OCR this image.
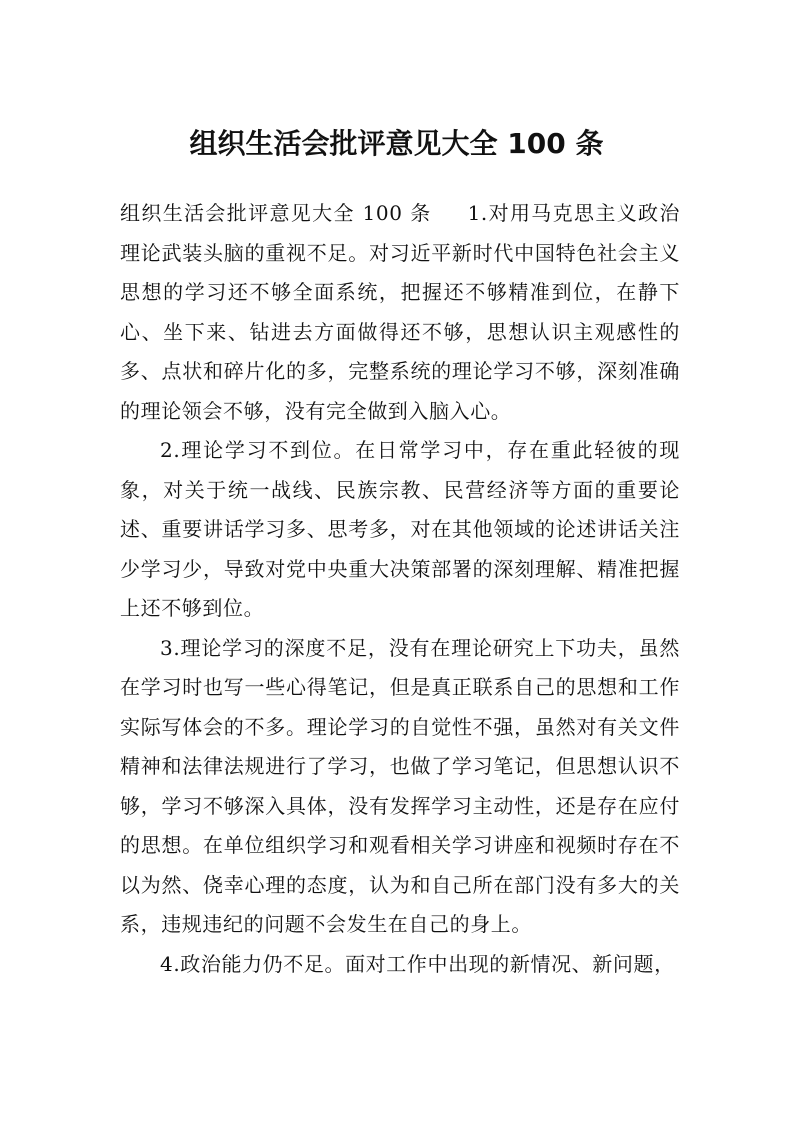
组织生活会批评意见大全 100 条

组织生活会批评意见大全 100 条 1.对用马克思主义政治理论武装头脑的重视不足。对习近平新时代中国特色社会主义思想的学习还不够全面系统，把握还不够精准到位，在静下心、坐下来、钻进去方面做得还不够，思想认识主观感性的多、点状和碎片化的多，完整系统的理论学习不够，深刻准确的理论领会不够，没有完全做到入脑入心。

2.理论学习不到位。在日常学习中，存在重此轻彼的现象，对关于统一战线、民族宗教、民营经济等方面的重要论述、重要讲话学习多、思考多，对在其他领域的论述讲话关注少学习少，导致对党中央重大决策部署的深刻理解、精准把握上还不够到位。

3.理论学习的深度不足，没有在理论研究上下功夫，虽然在学习时也写一些心得笔记，但是真正联系自己的思想和工作实际写体会的不多。理论学习的自觉性不强，虽然对有关文件精神和法律法规进行了学习，也做了学习笔记，但思想认识不够，学习不够深入具体，没有发挥学习主动性，还是存在应付的思想。在单位组织学习和观看相关学习讲座和视频时存在不以为然、侥幸心理的态度，认为和自己所在部门没有多大的关系，违规违纪的问题不会发生在自己的身上。

4.政治能力仍不足。面对工作中出现的新情况、新问题，
